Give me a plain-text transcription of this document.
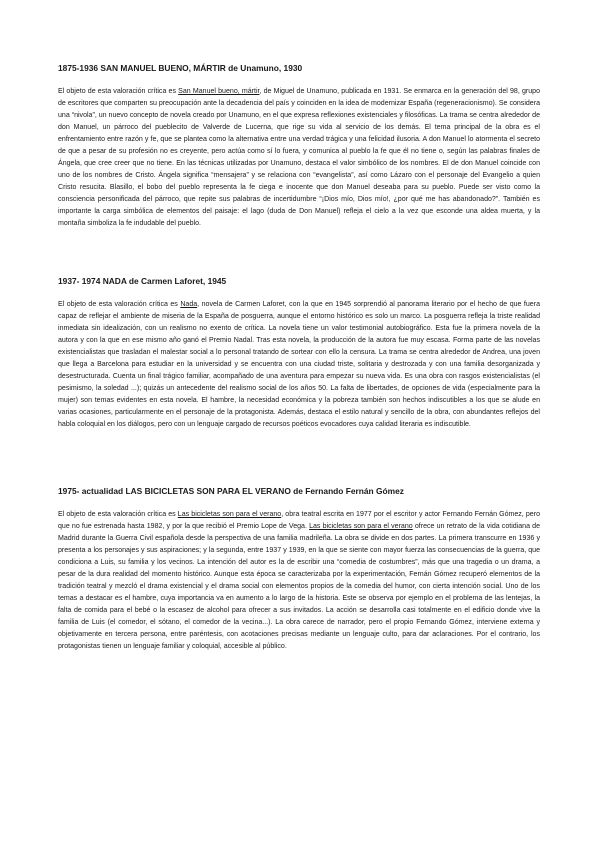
1875-1936 SAN MANUEL BUENO, MÁRTIR de Unamuno, 1930

El objeto de esta valoración crítica es San Manuel bueno, mártir, de Miguel de Unamuno, publicada en 1931. Se enmarca en la generación del 98, grupo de escritores que comparten su preocupación ante la decadencia del país y coinciden en la idea de modernizar España (regeneracionismo). Se considera una “nivola”, un nuevo concepto de novela creado por Unamuno, en el que expresa reflexiones existenciales y filosóficas. La trama se centra alrededor de don Manuel, un párroco del pueblecito de Valverde de Lucerna, que rige su vida al servicio de los demás. El tema principal de la obra es el enfrentamiento entre razón y fe, que se plantea como la alternativa entre una verdad trágica y una felicidad ilusoria. A don Manuel lo atormenta el secreto de que a pesar de su profesión no es creyente, pero actúa como sí lo fuera, y comunica al pueblo la fe que él no tiene o, según las palabras finales de Ángela, que cree creer que no tiene. En las técnicas utilizadas por Unamuno, destaca el valor simbólico de los nombres. El de don Manuel coincide con uno de los nombres de Cristo. Ángela significa “mensajera” y se relaciona con “evangelista”, así como Lázaro con el personaje del Evangelio a quien Cristo resucita. Blasillo, el bobo del pueblo representa la fe ciega e inocente que don Manuel deseaba para su pueblo. Puede ser visto como la consciencia personificada del párroco, que repite sus palabras de incertidumbre “¡Dios mío, Dios mío!, ¿por qué me has abandonado?”. También es importante la carga simbólica de elementos del paisaje: el lago (duda de Don Manuel) refleja el cielo a la vez que esconde una aldea muerta, y la montaña simboliza la fe indudable del pueblo.

1937- 1974 NADA de Carmen Laforet, 1945

El objeto de esta valoración crítica es Nada, novela de Carmen Laforet, con la que en 1945 sorprendió al panorama literario por el hecho de que fuera capaz de reflejar el ambiente de miseria de la España de posguerra, aunque el entorno histórico es solo un marco. La posguerra refleja la triste realidad inmediata sin idealización, con un realismo no exento de crítica. La novela tiene un valor testimonial autobiográfico. Esta fue la primera novela de la autora y con la que en ese mismo año ganó el Premio Nadal. Tras esta novela, la producción de la autora fue muy escasa. Forma parte de las novelas existencialistas que trasladan el malestar social a lo personal tratando de sortear con ello la censura. La trama se centra alrededor de Andrea, una joven que llega a Barcelona para estudiar en la universidad y se encuentra con una ciudad triste, solitaria y destrozada y con una familia desorganizada y desestructurada. Cuenta un final trágico familiar, acompañado de una aventura para empezar su nueva vida. Es una obra con rasgos existencialistas (el pesimismo, la soledad ...); quizás un antecedente del realismo social de los años 50. La falta de libertades, de opciones de vida (especialmente para la mujer) son temas evidentes en esta novela. El hambre, la necesidad económica y la pobreza también son hechos indiscutibles a los que se alude en varias ocasiones, particularmente en el personaje de la protagonista. Además, destaca el estilo natural y sencillo de la obra, con abundantes reflejos del habla coloquial en los diálogos, pero con un lenguaje cargado de recursos poéticos evocadores cuya calidad literaria es indiscutible.

1975- actualidad LAS BICICLETAS SON PARA EL VERANO de Fernando Fernán Gómez

El objeto de esta valoración crítica es Las bicicletas son para el verano, obra teatral escrita en 1977 por el escritor y actor Fernando Fernán Gómez, pero que no fue estrenada hasta 1982, y por la que recibió el Premio Lope de Vega. Las bicicletas son para el verano ofrece un retrato de la vida cotidiana de Madrid durante la Guerra Civil española desde la perspectiva de una familia madrileña. La obra se divide en dos partes. La primera transcurre en 1936 y presenta a los personajes y sus aspiraciones; y la segunda, entre 1937 y 1939, en la que se siente con mayor fuerza las consecuencias de la guerra, que condiciona a Luis, su familia y los vecinos. La intención del autor es la de escribir una “comedia de costumbres”, más que una tragedia o un drama, a pesar de la dura realidad del momento histórico. Aunque esta época se caracterizaba por la experimentación, Fernán Gómez recuperó elementos de la tradición teatral y mezcló el drama existencial y el drama social con elementos propios de la comedia del humor, con cierta intención social. Uno de los temas a destacar es el hambre, cuya importancia va en aumento a lo largo de la historia. Este se observa por ejemplo en el problema de las lentejas, la falta de comida para el bebé o la escasez de alcohol para ofrecer a sus invitados. La acción se desarrolla casi totalmente en el edificio donde vive la familia de Luis (el comedor, el sótano, el comedor de la vecina...). La obra carece de narrador, pero el propio Fernando Gómez, interviene externa y objetivamente en tercera persona, entre paréntesis, con acotaciones precisas mediante un lenguaje culto, para dar aclaraciones. Por el contrario, los protagonistas tienen un lenguaje familiar y coloquial, accesible al público.
